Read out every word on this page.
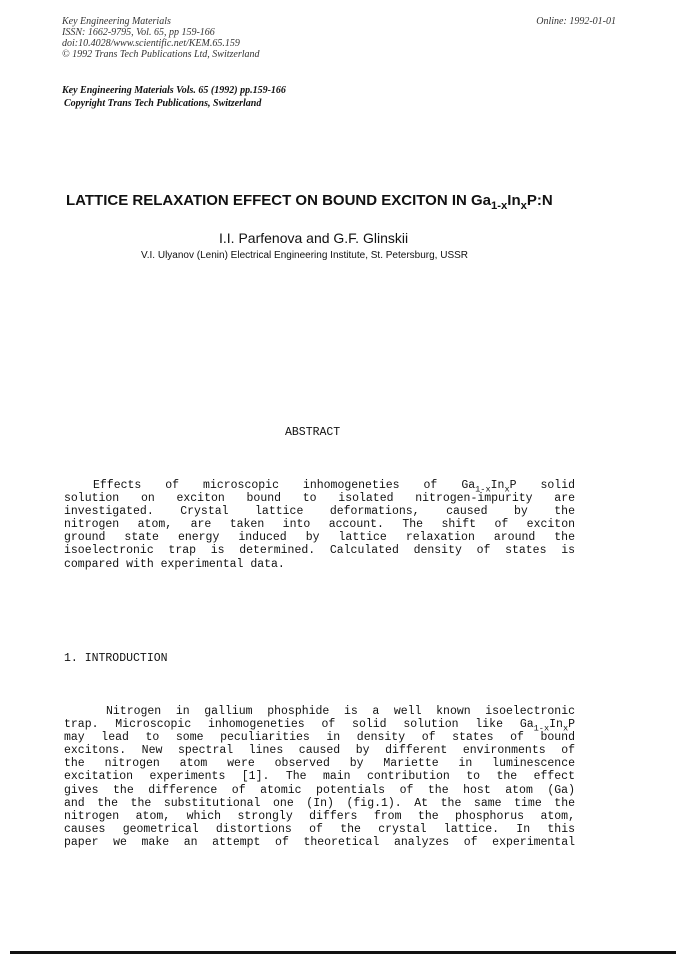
Key Engineering Materials
ISSN: 1662-9795, Vol. 65, pp 159-166
doi:10.4028/www.scientific.net/KEM.65.159
© 1992 Trans Tech Publications Ltd, Switzerland
Online: 1992-01-01
Key Engineering Materials Vols. 65 (1992) pp.159-166
Copyright Trans Tech Publications, Switzerland
LATTICE RELAXATION EFFECT ON BOUND EXCITON IN $Ga_{1-x}In_xP:N$
I.I. Parfenova and G.F. Glinskii
V.I. Ulyanov (Lenin) Electrical Engineering Institute, St. Petersburg, USSR
ABSTRACT
Effects of microscopic inhomogeneties of $Ga_{1-x}In_xP$ solid
solution on exciton bound to isolated nitrogen-impurity are
investigated. Crystal lattice deformations, caused by the
nitrogen atom, are taken into account. The shift of exciton
ground state energy induced by lattice relaxation around the
isoelectronic trap is determined. Calculated density of states is
compared with experimental data.
1. INTRODUCTION
Nitrogen in gallium phosphide is a well known isoelectronic
trap. Microscopic inhomogeneties of solid solution like $Ga_{1-x}In_xP$
may lead to some peculiarities in density of states of bound
excitons. New spectral lines caused by different environments of
the nitrogen atom were observed by Mariette in luminescence
excitation experiments [1]. The main contribution to the effect
gives the difference of atomic potentials of the host atom (Ga)
and the the substitutional one (In) (fig.1). At the same time the
nitrogen atom, which strongly differs from the phosphorus atom,
causes geometrical distortions of the crystal lattice. In this
paper we make an attempt of theoretical analyzes of experimental
